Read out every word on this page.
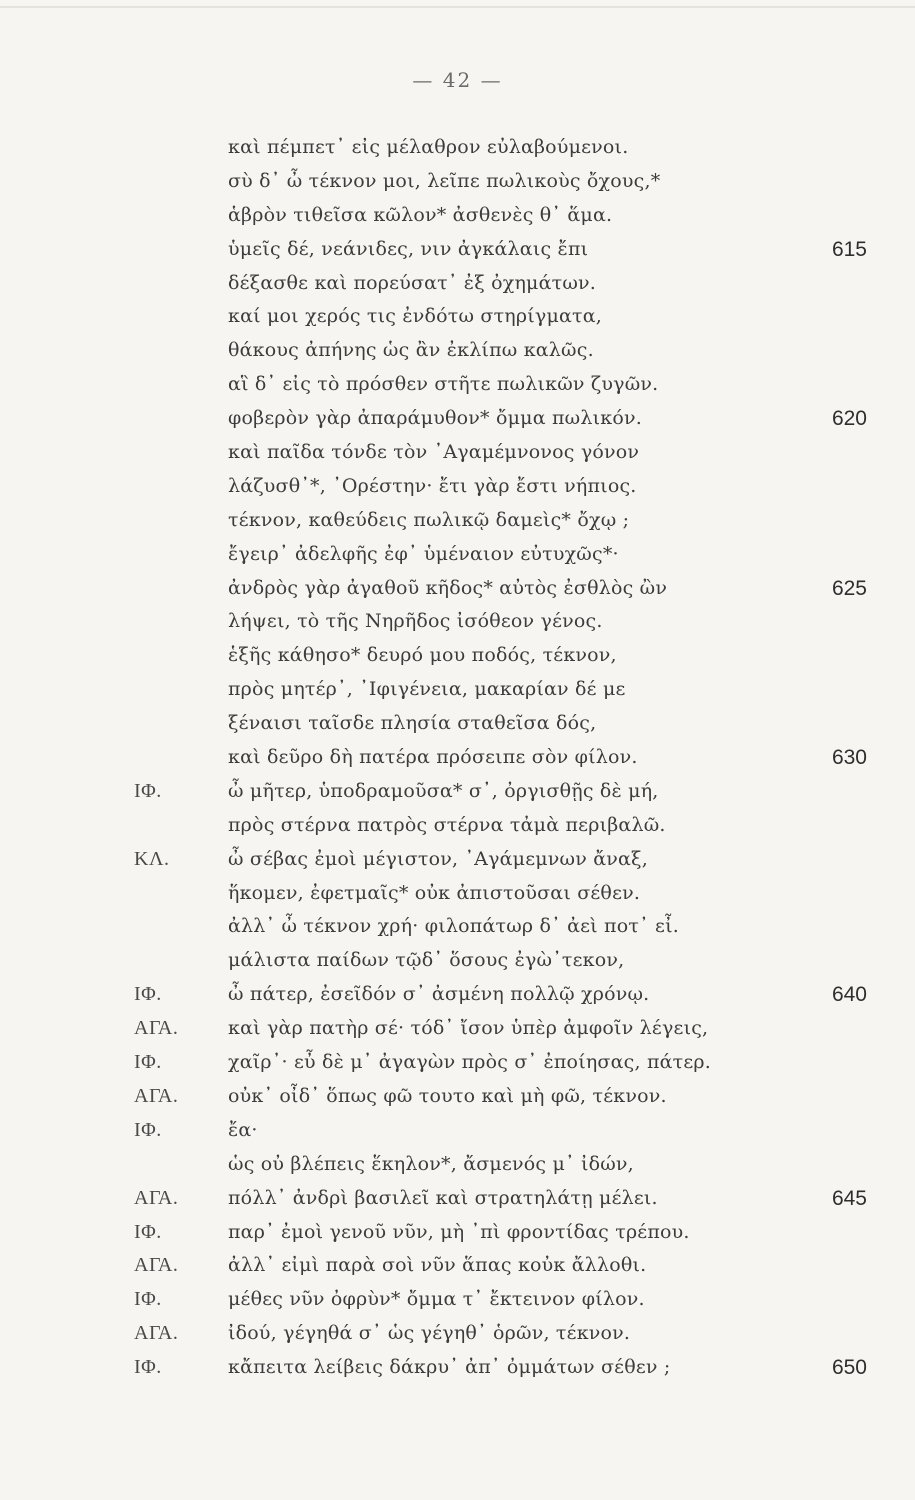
— 42 —
καὶ πέμπετ᾽ εἰς μέλαθρον εὐλαβούμενοι.
σὺ δ᾽ ὦ τέκνον μοι, λεῖπε πωλικοὺς ὄχους,*
ἁβρὸν τιθεῖσα κῶλον* ἀσθενὲς θ᾽ ἅμα.
ὑμεῖς δέ, νεάνιδες, νιν ἀγκάλαις ἔπι	615
δέξασθε καὶ πορεύσατ᾽ ἐξ ὀχημάτων.
καί μοι χερός τις ἐνδότω στηρίγματα,
θάκους ἀπήνης ὡς ἂν ἐκλίπω καλῶς.
αἳ δ᾽ εἰς τὸ πρόσθεν στῆτε πωλικῶν ζυγῶν.
φοβερὸν γὰρ ἀπαράμυθον* ὄμμα πωλικόν.	620
καὶ παῖδα τόνδε τὸν ᾽Αγαμέμνονος γόνον
λάζυσθ᾽*, ᾽Ορέστην· ἔτι γὰρ ἔστι νήπιος.
τέκνον, καθεύδεις πωλικῷ δαμεὶς* ὄχῳ ;
ἔγειρ᾽ ἀδελφῆς ἐφ᾽ ὑμέναιον εὐτυχῶς*·
ἀνδρὸς γὰρ ἀγαθοῦ κῆδος* αὐτὸς ἐσθλὸς ὢν	625
λήψει, τὸ τῆς Νηρῆδος ἰσόθεον γένος.
ἑξῆς κάθησο* δευρό μου ποδός, τέκνον,
πρὸς μητέρ᾽, ᾽Ιφιγένεια, μακαρίαν δέ με
ξέναισι ταῖσδε πλησία σταθεῖσα δός,
καὶ δεῦρο δὴ πατέρα πρόσειπε σὸν φίλον.	630
ΙΦ.	ὦ μῆτερ, ὑποδραμοῦσα* σ᾽, ὀργισθῇς δὲ μή,
πρὸς στέρνα πατρὸς στέρνα τἀμὰ περιβαλῶ.
ΚΛ.	ὦ σέβας ἐμοὶ μέγιστον, ᾽Αγάμεμνων ἄναξ,
ἥκομεν, ἐφετμαῖς* οὐκ ἀπιστοῦσαι σέθεν.
ἀλλ᾽ ὦ τέκνον χρή· φιλοπάτωρ δ᾽ ἀεὶ ποτ᾽ εἶ.
μάλιστα παίδων τῷδ᾽ ὅσους ἐγὼ᾽τεκον,
ΙΦ.	ὦ πάτερ, ἐσεῖδόν σ᾽ ἀσμένη πολλῷ χρόνῳ.	640
ΑΓΑ.	καὶ γὰρ πατὴρ σέ· τόδ᾽ ἴσον ὑπὲρ ἀμφοῖν λέγεις,
ΙΦ.	χαῖρ᾽· εὖ δὲ μ᾽ ἀγαγὼν πρὸς σ᾽ ἐποίησας, πάτερ.
ΑΓΑ.	οὐκ᾽ οἶδ᾽ ὅπως φῶ τουτο καὶ μὴ φῶ, τέκνον.
ΙΦ.	ἔα·
ὡς οὐ βλέπεις ἕκηλον*, ἄσμενός μ᾽ ἰδών,
ΑΓΑ.	πόλλ᾽ ἀνδρὶ βασιλεῖ καὶ στρατηλάτῃ μέλει.	645
ΙΦ.	παρ᾽ ἐμοὶ γενοῦ νῦν, μὴ ᾽πὶ φροντίδας τρέπου.
ΑΓΑ.	ἀλλ᾽ εἰμὶ παρὰ σοὶ νῦν ἅπας κοὐκ ἄλλοθι.
ΙΦ.	μέθες νῦν ὀφρὺν* ὄμμα τ᾽ ἔκτεινον φίλον.
ΑΓΑ.	ἰδού, γέγηθά σ᾽ ὡς γέγηθ᾽ ὁρῶν, τέκνον.
ΙΦ.	κἄπειτα λείβεις δάκρυ᾽ ἀπ᾽ ὀμμάτων σέθεν ;	650
